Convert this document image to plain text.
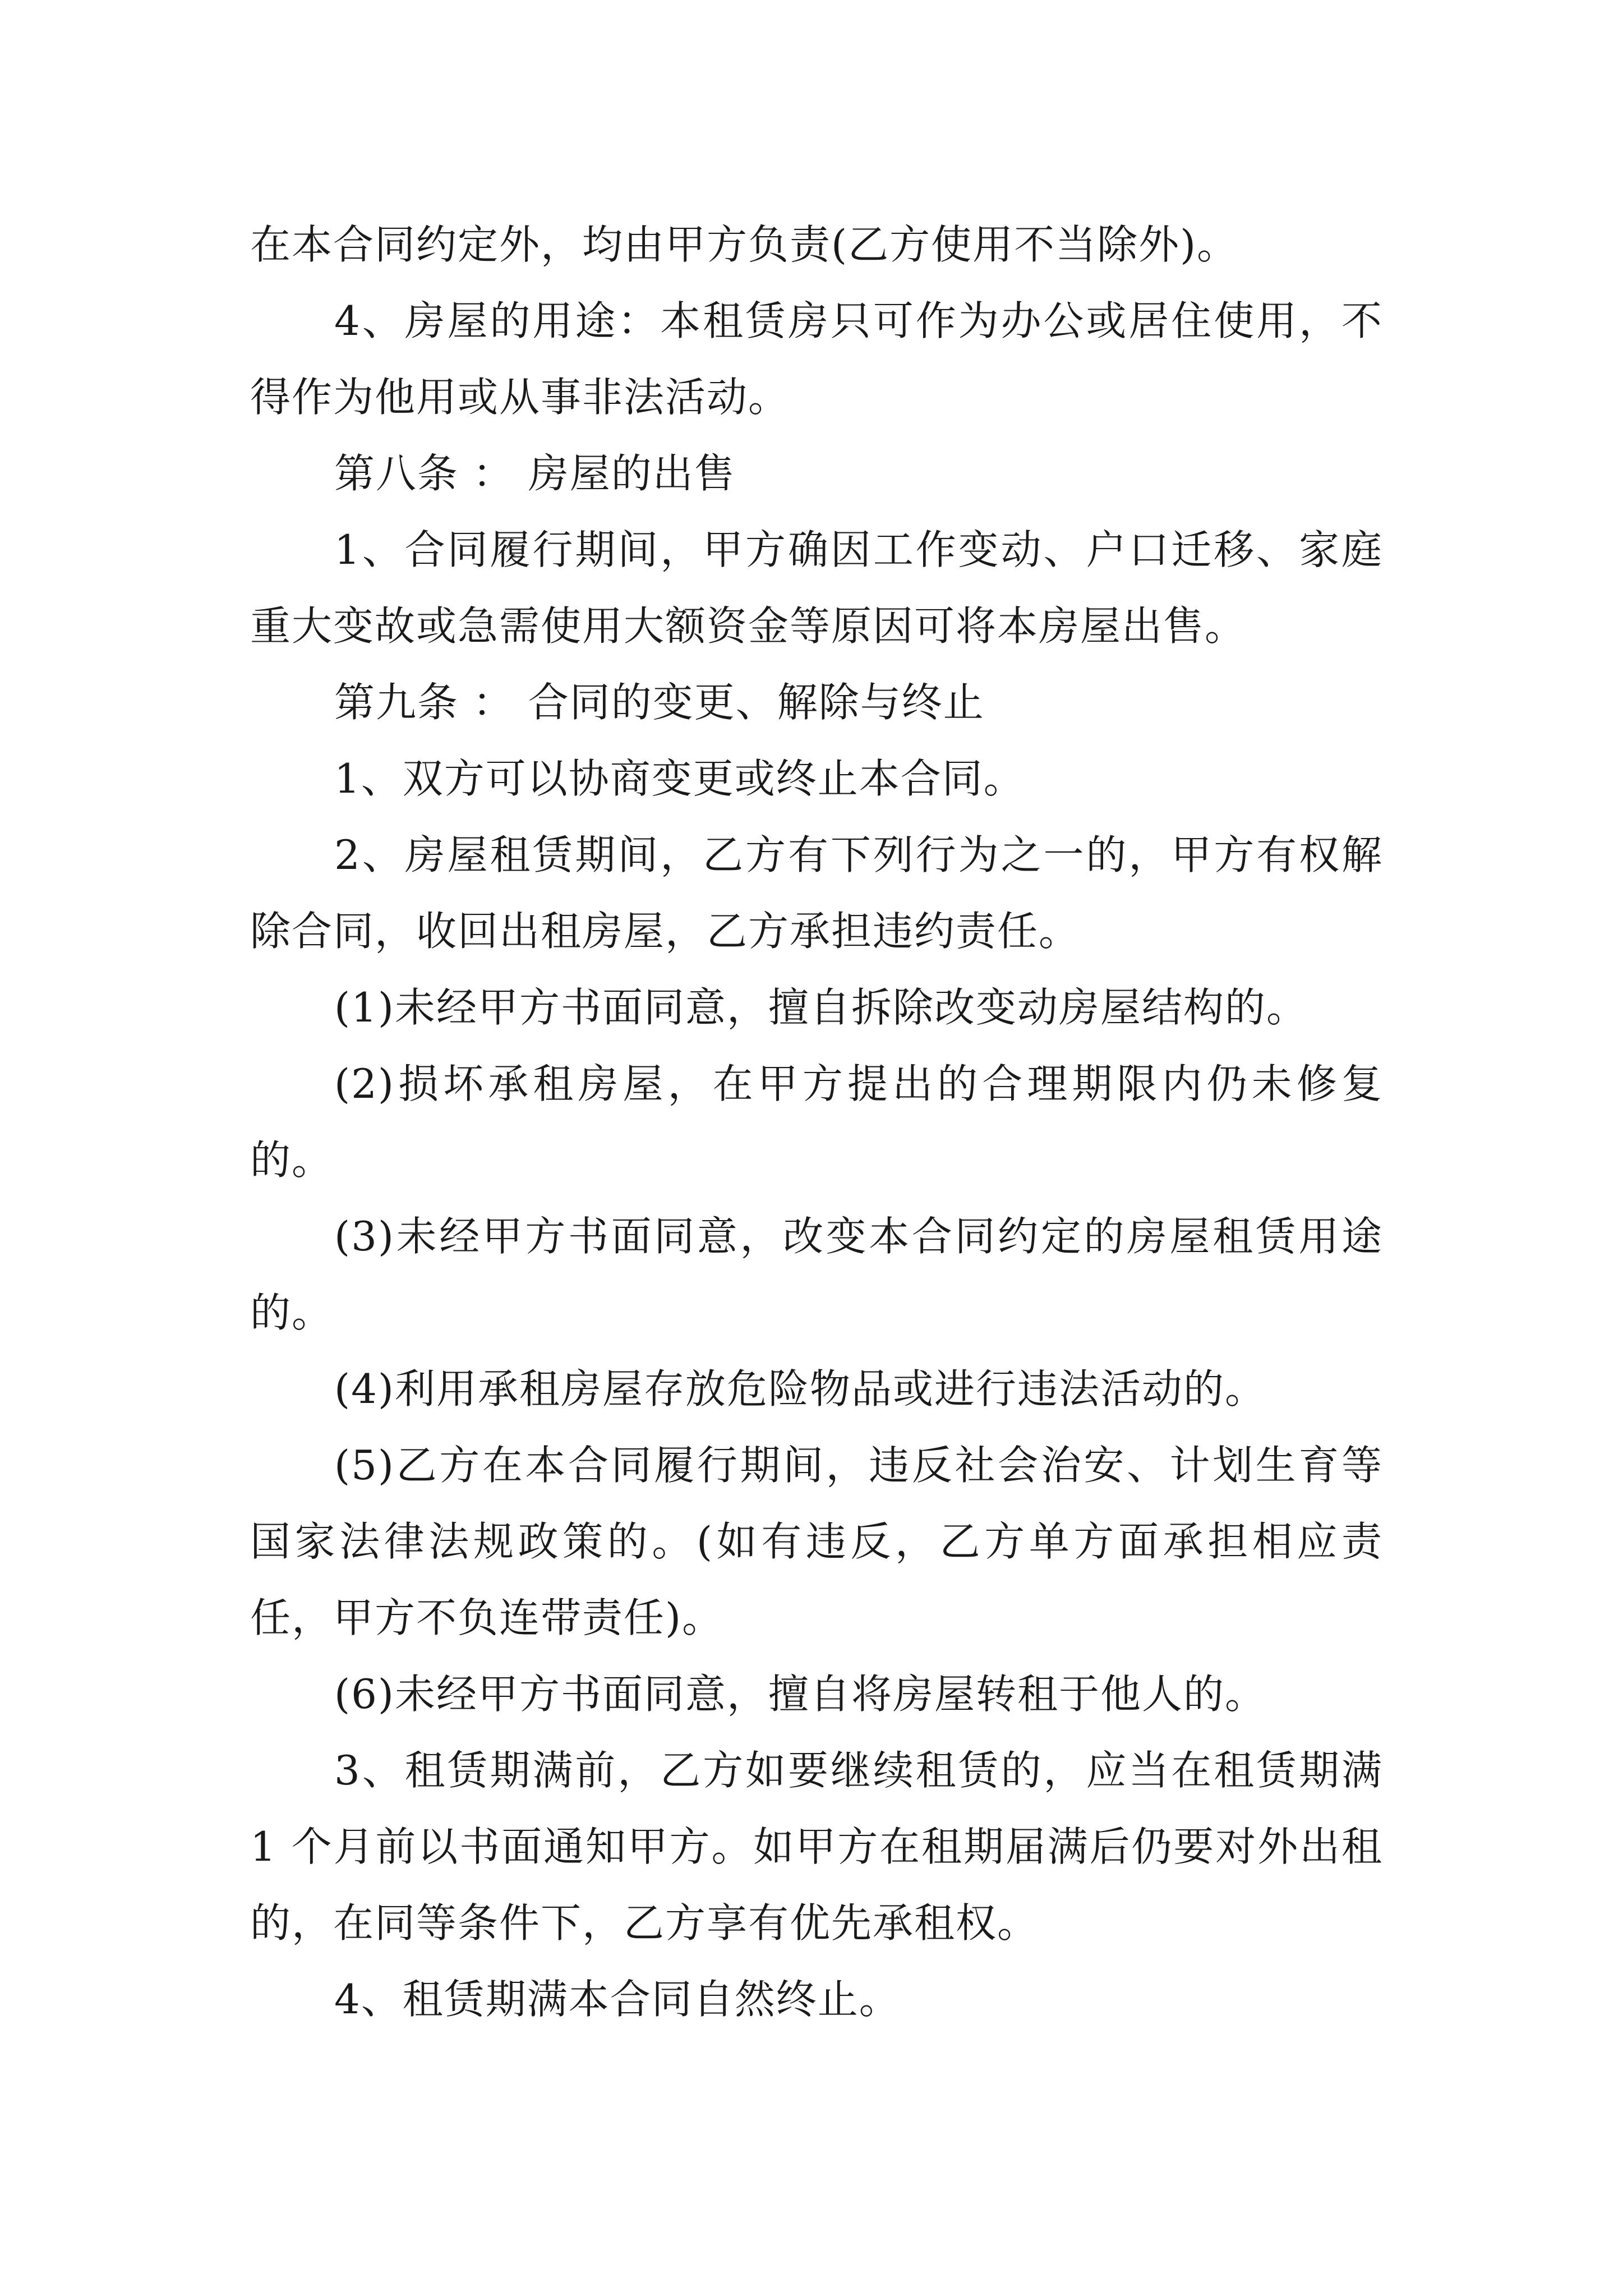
在本合同约定外，均由甲方负责(乙方使用不当除外)。

4、房屋的用途：本租赁房只可作为办公或居住使用，不得作为他用或从事非法活动。

第八条 ： 房屋的出售

1、合同履行期间，甲方确因工作变动、户口迁移、家庭重大变故或急需使用大额资金等原因可将本房屋出售。

第九条 ： 合同的变更、解除与终止

1、双方可以协商变更或终止本合同。

2、房屋租赁期间，乙方有下列行为之一的，甲方有权解除合同，收回出租房屋，乙方承担违约责任。

(1)未经甲方书面同意，擅自拆除改变动房屋结构的。

(2)损坏承租房屋，在甲方提出的合理期限内仍未修复的。

(3)未经甲方书面同意，改变本合同约定的房屋租赁用途的。

(4)利用承租房屋存放危险物品或进行违法活动的。

(5)乙方在本合同履行期间，违反社会治安、计划生育等国家法律法规政策的。(如有违反，乙方单方面承担相应责任，甲方不负连带责任)。

(6)未经甲方书面同意，擅自将房屋转租于他人的。

3、租赁期满前，乙方如要继续租赁的，应当在租赁期满 1 个月前以书面通知甲方。如甲方在租期届满后仍要对外出租的，在同等条件下，乙方享有优先承租权。

4、租赁期满本合同自然终止。
